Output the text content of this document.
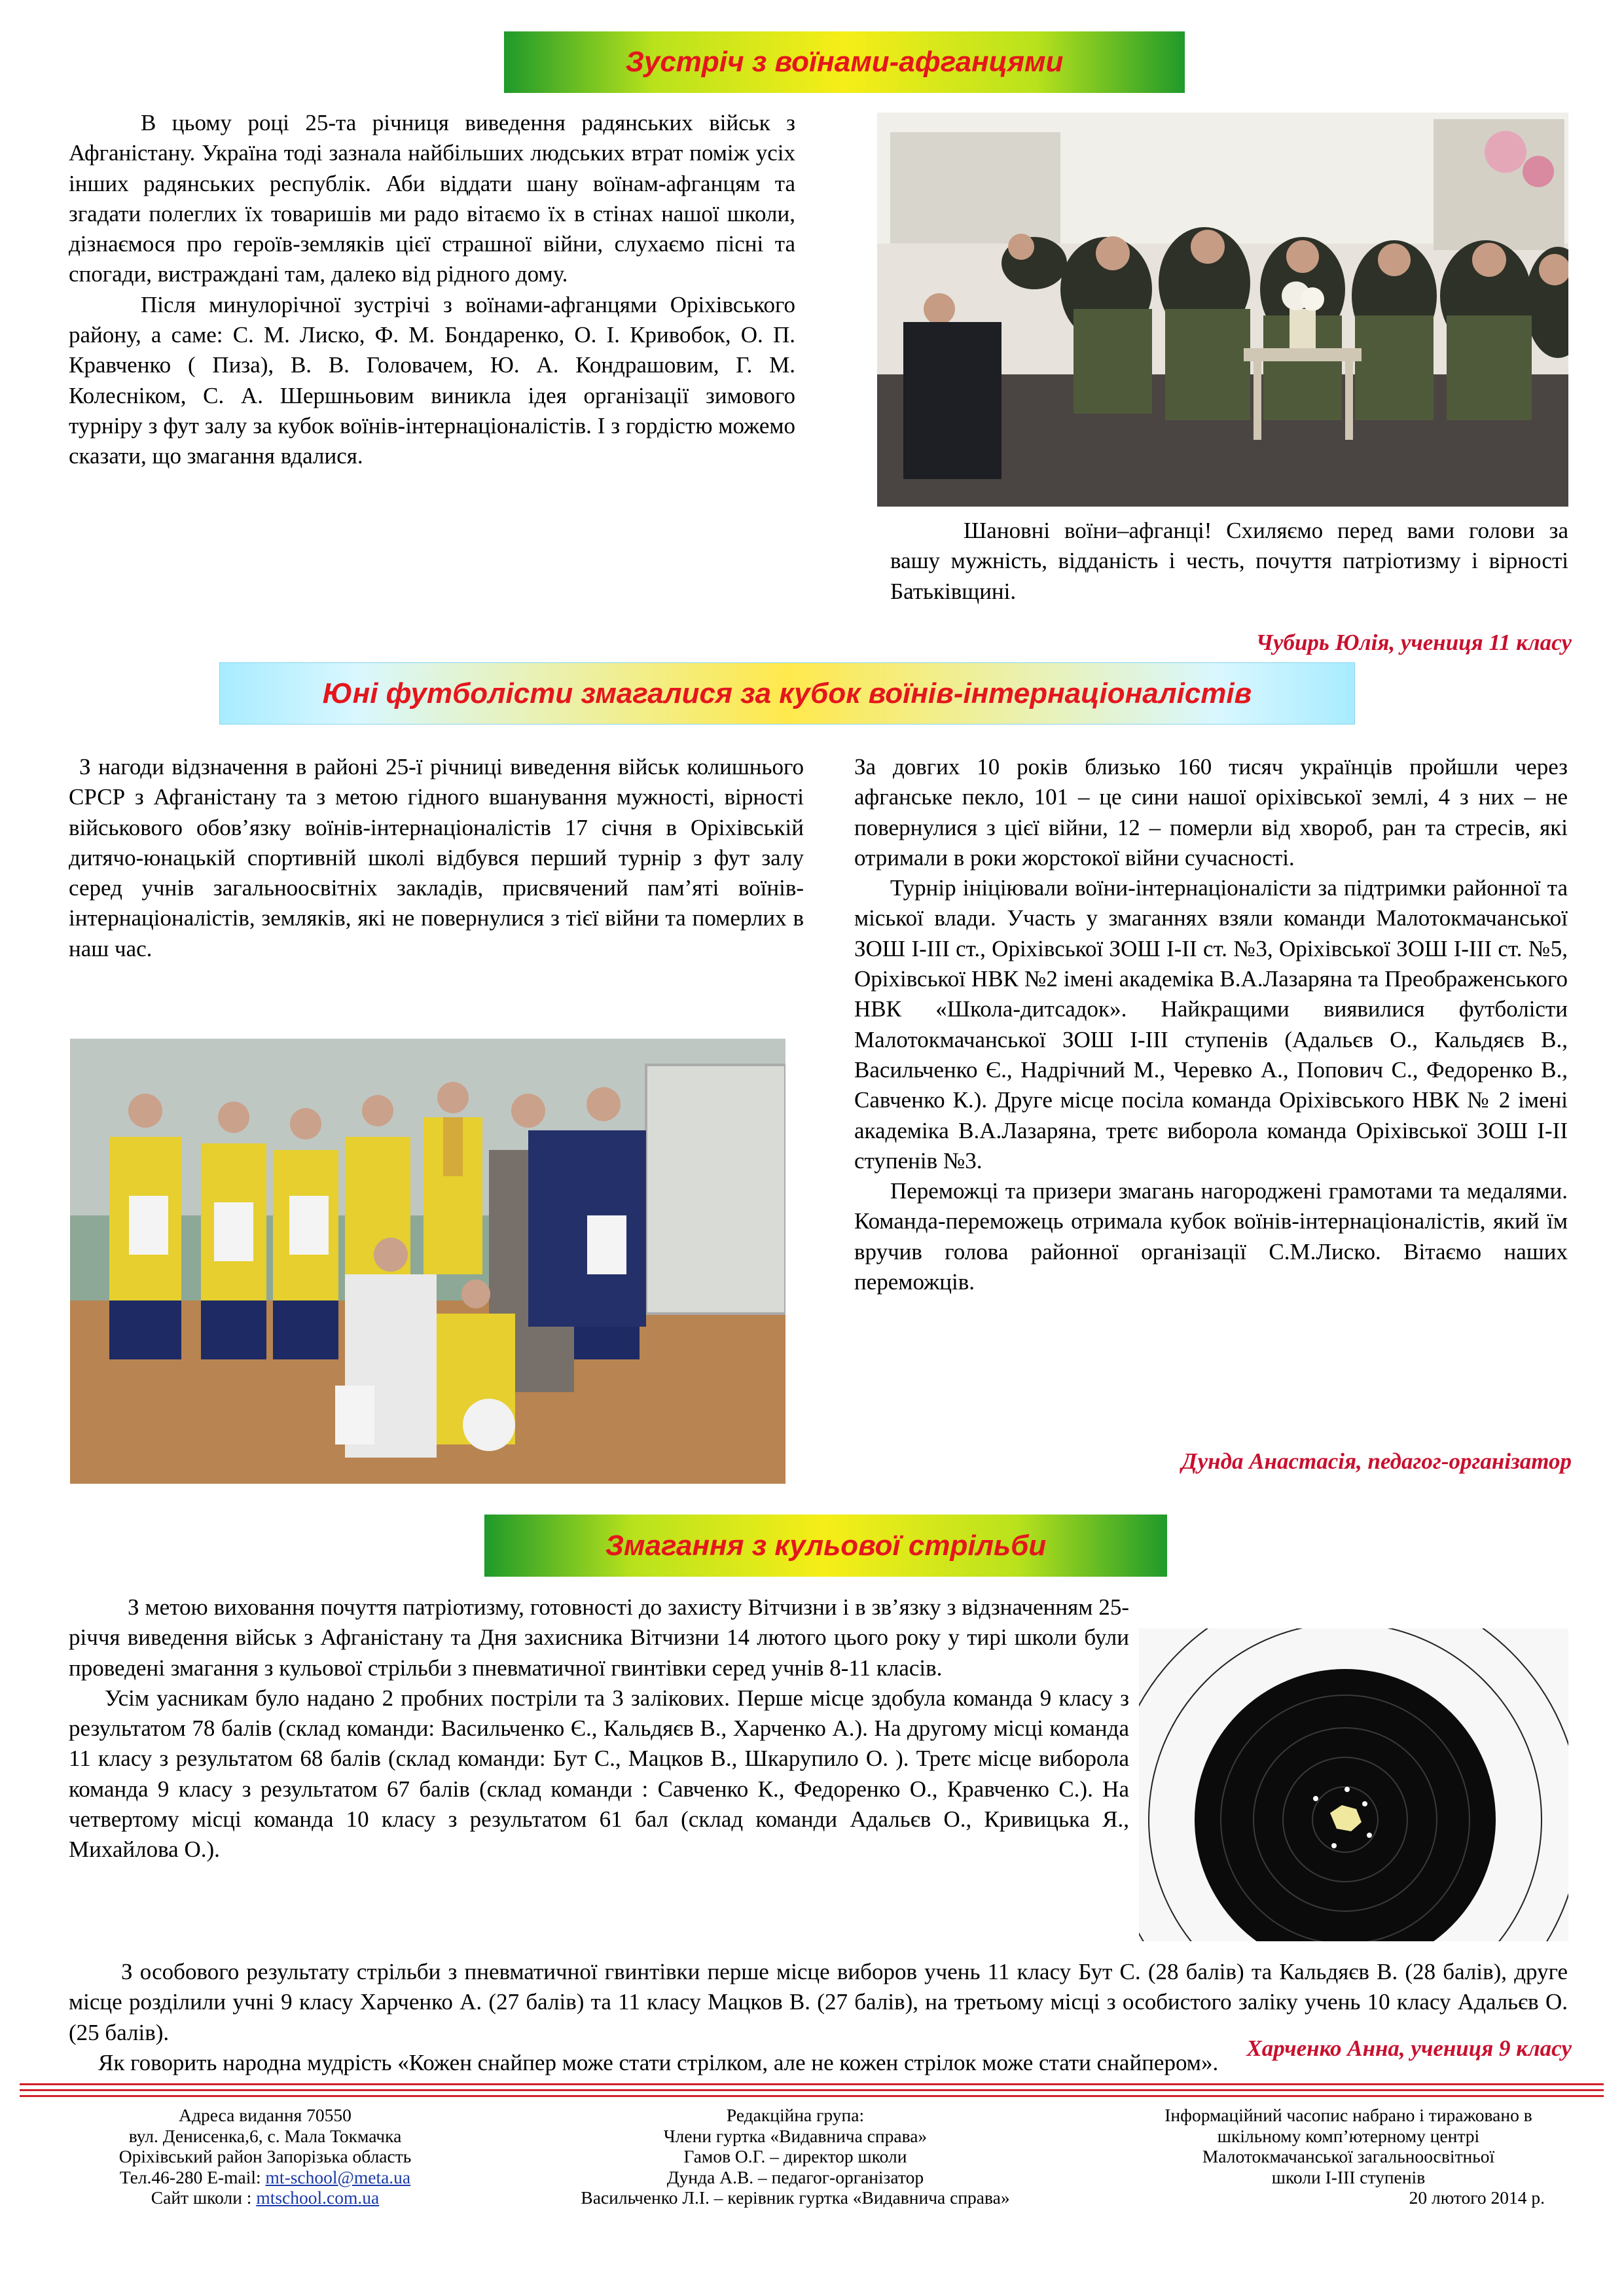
Зустріч з воїнами-афганцями

В цьому році 25-та річниця виведення радянських військ з Афганістану. Україна тоді зазнала найбільших людських втрат поміж усіх інших радянських республік. Аби віддати шану воїнам-афганцям та згадати полеглих їх товаришів ми радо вітаємо їх в стінах нашої школи, дізнаємося про героїв-земляків цієї страшної війни, слухаємо пісні та спогади, вистраждані там, далеко від рідного дому.

Після минулорічної зустрічі з воїнами-афганцями Оріхівського району, а саме: С. М. Лиско, Ф. М. Бондаренко, О. І. Кривобок, О. П. Кравченко ( Пиза), В. В. Головачем, Ю. А. Кондрашовим, Г. М. Колесніком, С. А. Шершньовим виникла ідея організації зимового турніру з фут залу за кубок воїнів-інтернаціоналістів. І з гордістю можемо сказати, що змагання вдалися.

Шановні воїни–афганці! Схиляємо перед вами голови за вашу мужність, відданість і честь, почуття патріотизму і вірності Батьківщині.
Чубирь Юлія, учениця 11 класу
Юні футболісти змагалися за кубок воїнів-інтернаціоналістів

З нагоди відзначення в районі 25-ї річниці виведення військ колишнього СРСР з Афганістану та з метою гідного вшанування мужності, вірності військового обов’язку воїнів-інтернаціоналістів 17 січня в Оріхівській дитячо-юнацькій спортивній школі відбувся перший турнір з фут залу серед учнів загальноосвітніх закладів, присвячений пам’яті воїнів-інтернаціоналістів, земляків, які не повернулися з тієї війни та померлих в наш час.

За довгих 10 років близько 160 тисяч українців пройшли через афганське пекло, 101 – це сини нашої оріхівської землі, 4 з них – не повернулися з цієї війни, 12 – померли від хвороб, ран та стресів, які отримали в роки жорстокої війни сучасності.

Турнір ініціювали воїни-інтернаціоналісти за підтримки районної та міської влади. Участь у змаганнях взяли команди Малотокмачанської ЗОШ І-ІІІ ст., Оріхівської ЗОШ І-ІІ ст. №3, Оріхівської ЗОШ І-ІІІ ст. №5, Оріхівської НВК №2 імені академіка В.А.Лазаряна та Преображенського НВК «Школа-дитсадок». Найкращими виявилися футболісти Малотокмачанської ЗОШ І-ІІІ ступенів (Адальєв О., Кальдяєв В., Васильченко Є., Надрічний М., Черевко А., Попович С., Федоренко В., Савченко К.). Друге місце посіла команда Оріхівського НВК № 2 імені академіка В.А.Лазаряна, третє виборола команда Оріхівської ЗОШ І-ІІ ступенів №3.

Переможці та призери змагань нагороджені грамотами та медалями. Команда-переможець отримала кубок воїнів-інтернаціоналістів, який їм вручив голова районної організації С.М.Лиско. Вітаємо наших переможців.

Дунда Анастасія, педагог-організатор
Змагання з кульової стрільби

З метою виховання почуття патріотизму, готовності до захисту Вітчизни і в зв’язку з відзначенням 25-річчя виведення військ з Афганістану та Дня захисника Вітчизни 14 лютого цього року у тирі школи були проведені змагання з кульової стрільби з пневматичної гвинтівки серед учнів 8-11 класів.

Усім уасникам було надано 2 пробних постріли та 3 залікових. Перше місце здобула команда 9 класу з результатом 78 балів (склад команди: Васильченко Є., Кальдяєв В., Харченко А.). На другому місці команда 11 класу з результатом 68 балів (склад команди: Бут С., Мацков В., Шкарупило О. ). Третє місце виборола команда 9 класу з результатом 67 балів (склад команди : Савченко К., Федоренко О., Кравченко С.). На четвертому місці команда 10 класу з результатом 61 бал (склад команди Адальєв О., Кривицька Я., Михайлова О.).

З особового результату стрільби з пневматичної гвинтівки перше місце виборов учень 11 класу Бут С. (28 балів) та Кальдяєв В. (28 балів), друге місце розділили учні 9 класу Харченко А. (27 балів) та 11 класу Мацков В. (27 балів), на третьому місці з особистого заліку учень 10 класу Адальєв О. (25 балів).

Як говорить народна мудрість «Кожен снайпер може стати стрілком, але не кожен стрілок може стати снайпером».

Харченко Анна, учениця 9 класу
Адреса видання 70550
вул. Денисенка,6, с. Мала Токмачка
Оріхівський район Запорізька область
Тел.46-280 E-mail: mt-school@meta.ua
Сайт школи : mtschool.com.ua
Редакційна група:
Члени гуртка «Видавнича справа»
Гамов О.Г. – директор школи
Дунда А.В. – педагог-організатор
Васильченко Л.І. – керівник гуртка «Видавнича справа»
Інформаційний часопис набрано і тиражовано в
шкільному комп’ютерному центрі
Малотокмачанської загальноосвітньої
школи І-ІІІ ступенів
20 лютого 2014 р.
